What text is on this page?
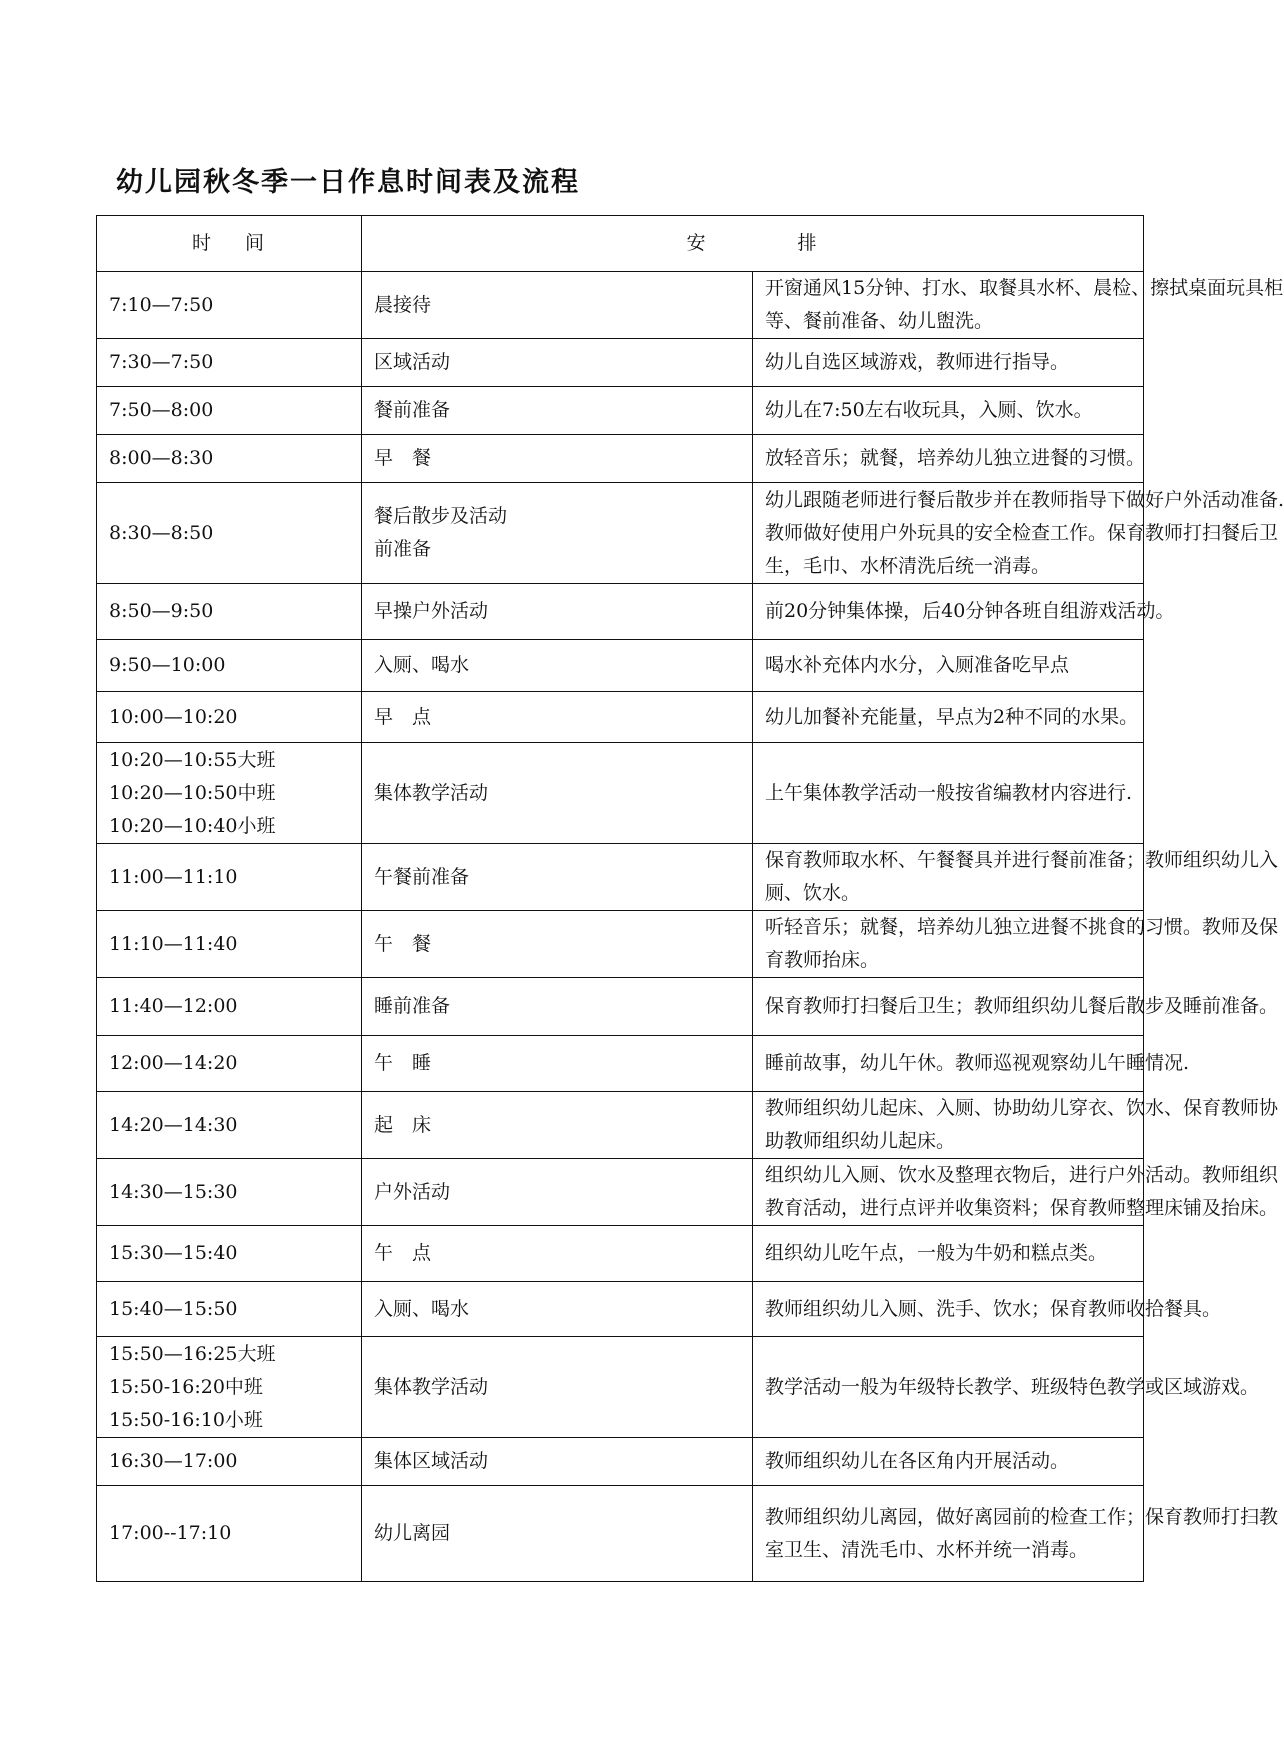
幼儿园秋冬季一日作息时间表及流程
时 间	安 排	

7:10—7:50	晨接待	开窗通风15分钟、打水、取餐具水杯、晨检、擦拭桌面玩具柜
等、餐前准备、幼儿盥洗。

7:30—7:50	区域活动	幼儿自选区域游戏，教师进行指导。

7:50—8:00	餐前准备	幼儿在7:50左右收玩具，入厕、饮水。

8:00—8:30	早　餐	放轻音乐；就餐，培养幼儿独立进餐的习惯。

8:30—8:50	餐后散步及活动
前准备	幼儿跟随老师进行餐后散步并在教师指导下做好户外活动准备.
教师做好使用户外玩具的安全检查工作。保育教师打扫餐后卫
生，毛巾、水杯清洗后统一消毒。

8:50—9:50	早操户外活动	前20分钟集体操，后40分钟各班自组游戏活动。

9:50—10:00	入厕、喝水	喝水补充体内水分，入厕准备吃早点

10:00—10:20	早　点	幼儿加餐补充能量，早点为2种不同的水果。

10:20—10:55大班
10:20—10:50中班
10:20—10:40小班	集体教学活动	上午集体教学活动一般按省编教材内容进行.

11:00—11:10	午餐前准备	保育教师取水杯、午餐餐具并进行餐前准备；教师组织幼儿入
厕、饮水。

11:10—11:40	午　餐	听轻音乐；就餐，培养幼儿独立进餐不挑食的习惯。教师及保
育教师抬床。

11:40—12:00	睡前准备	保育教师打扫餐后卫生；教师组织幼儿餐后散步及睡前准备。

12:00—14:20	午　睡	睡前故事，幼儿午休。教师巡视观察幼儿午睡情况.

14:20—14:30	起　床	教师组织幼儿起床、入厕、协助幼儿穿衣、饮水、保育教师协
助教师组织幼儿起床。

14:30—15:30	户外活动	组织幼儿入厕、饮水及整理衣物后，进行户外活动。教师组织
教育活动，进行点评并收集资料；保育教师整理床铺及抬床。

15:30—15:40	午　点	组织幼儿吃午点，一般为牛奶和糕点类。

15:40—15:50	入厕、喝水	教师组织幼儿入厕、洗手、饮水；保育教师收拾餐具。

15:50—16:25大班
15:50-16:20中班
15:50-16:10小班	集体教学活动	教学活动一般为年级特长教学、班级特色教学或区域游戏。

16:30—17:00	集体区域活动	教师组织幼儿在各区角内开展活动。

17:00--17:10	幼儿离园	教师组织幼儿离园，做好离园前的检查工作；保育教师打扫教
室卫生、清洗毛巾、水杯并统一消毒。
